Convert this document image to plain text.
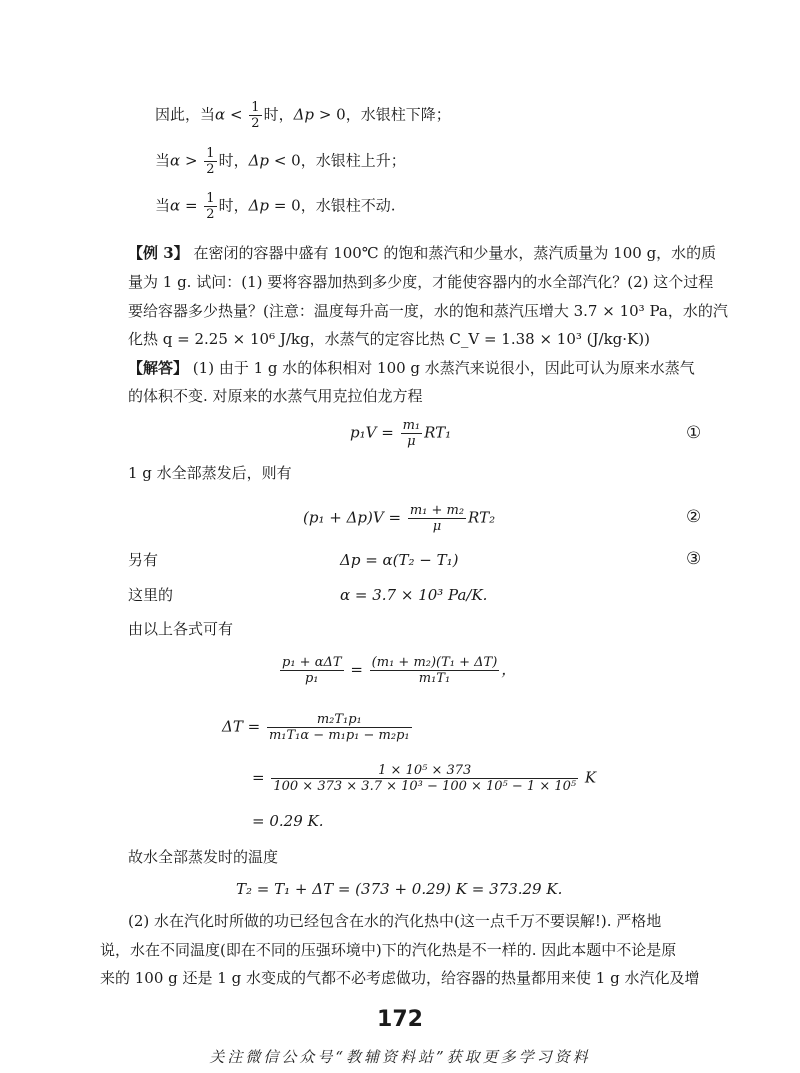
因此，当$\alpha < \frac{1}{2}$ 时，Δp > 0，水银柱下降；
当$\alpha > \frac{1}{2}$ 时，Δp < 0，水银柱上升；
当$\alpha = \frac{1}{2}$ 时，Δp = 0，水银柱不动.
【例 3】 在密闭的容器中盛有 100℃ 的饱和蒸汽和少量水，蒸汽质量为 100 g，水的质
量为 1 g. 试问：(1) 要将容器加热到多少度，才能使容器内的水全部汽化？(2) 这个过程
要给容器多少热量？(注意：温度每升高一度，水的饱和蒸汽压增大 3.7 × 10³ Pa，水的汽
化热 q = 2.25 × 10⁶ J/kg，水蒸气的定容比热 C_V = 1.38 × 10³ (J/kg·K))
【解答】 (1) 由于 1 g 水的体积相对 100 g 水蒸汽来说很小，因此可认为原来水蒸气
的体积不变. 对原来的水蒸气用克拉伯龙方程
$p_1V = \frac{\text{m₁}}{\mu} RT_1$	①
1 g 水全部蒸发后，则有
$(p_1 + \Delta p)V = \frac{\text{m₁ + m₂}}{\mu} RT_2$	②
另有	Δp = α(T₂ − T₁)	③
这里的	α = 3.7 × 10³ Pa/K.
由以上各式可有
$\frac{\text{p₁ + αΔT}}{\text{p₁}} = \frac{\text{(m₁ + m₂)(T₁ + ΔT)}}{\text{m₁T₁}}$ ，
$\Delta T = \frac{\text{m₂T₁p₁}}{\text{m₁T₁α − m₁p₁ − m₂p₁}}$
= $\frac{\text{1 × 10⁵ × 373}}{\text{100 × 373 × 3.7 × 10³ − 100 × 10⁵ − 1 × 10⁵}}$ K
= 0.29 K.
故水全部蒸发时的温度
T₂ = T₁ + ΔT = (373 + 0.29) K = 373.29 K.
(2) 水在汽化时所做的功已经包含在水的汽化热中(这一点千万不要误解!). 严格地
说，水在不同温度(即在不同的压强环境中)下的汽化热是不一样的. 因此本题中不论是原
来的 100 g 还是 1 g 水变成的气都不必考虑做功，给容器的热量都用来使 1 g 水汽化及增
172
关注微信公众号“教辅资料站”获取更多学习资料
